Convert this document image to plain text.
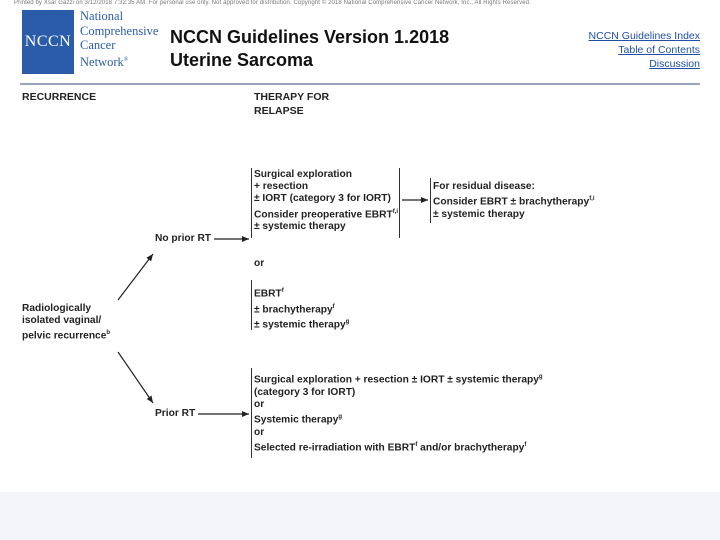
Printed by Xsar Gazzi on 3/12/2018 7:32:35 AM. For personal use only. Not approved for distribution. Copyright © 2018 National Comprehensive Cancer Network, Inc., All Rights Reserved.
NCCN
National
Comprehensive
Cancer
Network®
NCCN Guidelines Version 1.2018
Uterine Sarcoma
NCCN Guidelines Index
Table of Contents
Discussion
RECURRENCE	THERAPY FOR
RELAPSE
Radiologically
isolated vaginal/
pelvic recurrence$^b$
No prior RT
Prior RT
Surgical exploration
+ resection
± IORT (category 3 for IORT)
Consider preoperative EBRT$^{f,i}$
± systemic therapy
or
$EBRT^f$
± brachytherapy$^f$
± systemic therapy$^g$
For residual disease:
Consider EBRT ± brachytherapy$^{f,i}$
± systemic therapy
Surgical exploration + resection ± IORT ± systemic therapy$^g$
(category 3 for IORT)
or
Systemic therapy$^g$
or
Selected re-irradiation with EBRT$^f$ and/or brachytherapy$^f$
